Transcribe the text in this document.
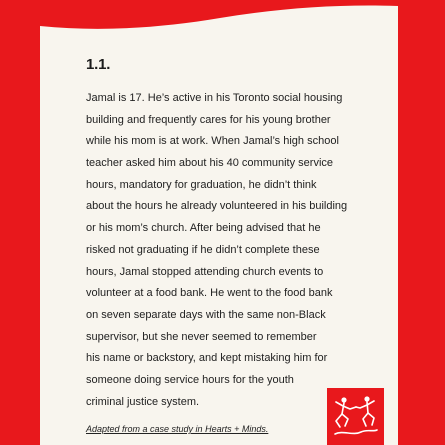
1.1.
Jamal is 17. He’s active in his Toronto social housing
building and frequently cares for his young brother
while his mom is at work. When Jamal’s high school
teacher asked him about his 40 community service
hours, mandatory for graduation, he didn’t think
about the hours he already volunteered in his building
or his mom’s church. After being advised that he
risked not graduating if he didn’t complete these
hours, Jamal stopped attending church events to
volunteer at a food bank. He went to the food bank
on seven separate days with the same non-Black
supervisor, but she never seemed to remember
his name or backstory, and kept mistaking him for
someone doing service hours for the youth
criminal justice system.
Adapted from a case study in Hearts + Minds.
